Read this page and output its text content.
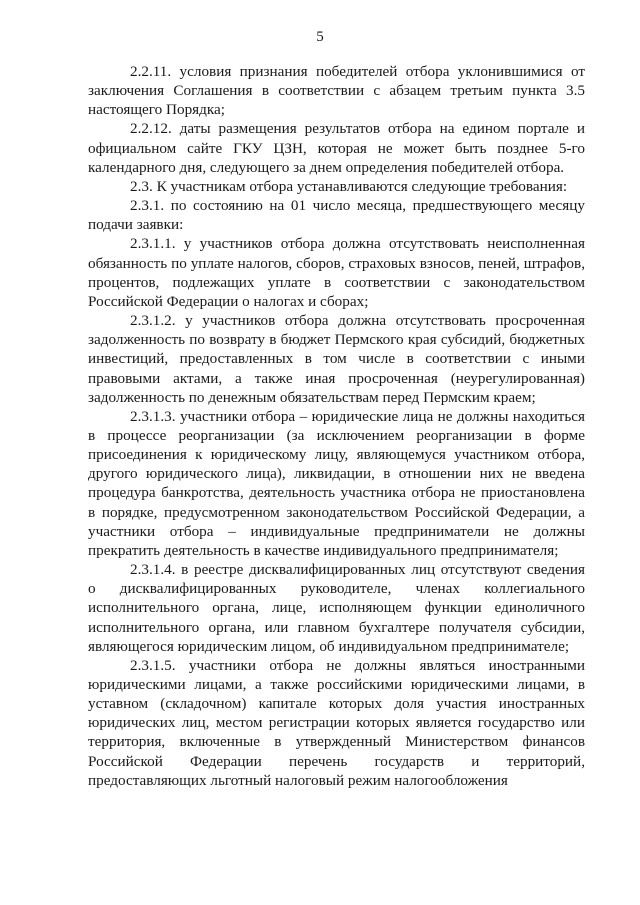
5

2.2.11. условия признания победителей отбора уклонившимися от заключения Соглашения в соответствии с абзацем третьим пункта 3.5 настоящего Порядка;

2.2.12. даты размещения результатов отбора на едином портале и официальном сайте ГКУ ЦЗН, которая не может быть позднее 5-го календарного дня, следующего за днем определения победителей отбора.

2.3. К участникам отбора устанавливаются следующие требования:

2.3.1. по состоянию на 01 число месяца, предшествующего месяцу подачи заявки:

2.3.1.1. у участников отбора должна отсутствовать неисполненная обязанность по уплате налогов, сборов, страховых взносов, пеней, штрафов, процентов, подлежащих уплате в соответствии с законодательством Российской Федерации о налогах и сборах;

2.3.1.2. у участников отбора должна отсутствовать просроченная задолженность по возврату в бюджет Пермского края субсидий, бюджетных инвестиций, предоставленных в том числе в соответствии с иными правовыми актами, а также иная просроченная (неурегулированная) задолженность по денежным обязательствам перед Пермским краем;

2.3.1.3. участники отбора – юридические лица не должны находиться в процессе реорганизации (за исключением реорганизации в форме присоединения к юридическому лицу, являющемуся участником отбора, другого юридического лица), ликвидации, в отношении них не введена процедура банкротства, деятельность участника отбора не приостановлена в порядке, предусмотренном законодательством Российской Федерации, а участники отбора – индивидуальные предприниматели не должны прекратить деятельность в качестве индивидуального предпринимателя;

2.3.1.4. в реестре дисквалифицированных лиц отсутствуют сведения о дисквалифицированных руководителе, членах коллегиального исполнительного органа, лице, исполняющем функции единоличного исполнительного органа, или главном бухгалтере получателя субсидии, являющегося юридическим лицом, об индивидуальном предпринимателе;

2.3.1.5. участники отбора не должны являться иностранными юридическими лицами, а также российскими юридическими лицами, в уставном (складочном) капитале которых доля участия иностранных юридических лиц, местом регистрации которых является государство или территория, включенные в утвержденный Министерством финансов Российской Федерации перечень государств и территорий, предоставляющих льготный налоговый режим налогообложения
